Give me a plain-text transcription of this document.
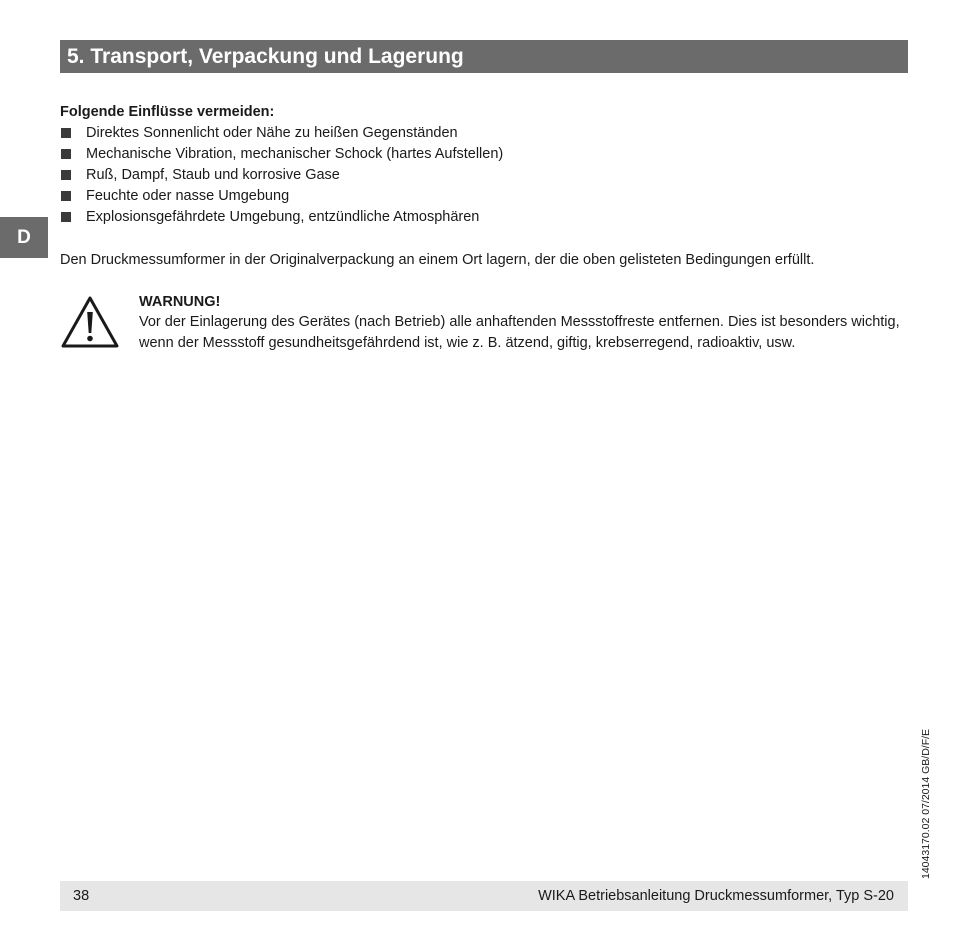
5. Transport, Verpackung und Lagerung
D
Folgende Einflüsse vermeiden:
Direktes Sonnenlicht oder Nähe zu heißen Gegenständen
Mechanische Vibration, mechanischer Schock (hartes Aufstellen)
Ruß, Dampf, Staub und korrosive Gase
Feuchte oder nasse Umgebung
Explosionsgefährdete Umgebung, entzündliche Atmosphären
Den Druckmessumformer in der Originalverpackung an einem Ort lagern, der die oben gelisteten Bedingungen erfüllt.
WARNUNG!

Vor der Einlagerung des Gerätes (nach Betrieb) alle anhaftenden Messstoffreste entfernen. Dies ist besonders wichtig, wenn der Messstoff gesundheitsgefährdend ist, wie z. B. ätzend, giftig, krebserregend, radioaktiv, usw.

14043170.02 07/2014 GB/D/F/E
38	WIKA Betriebsanleitung Druckmessumformer, Typ S-20
